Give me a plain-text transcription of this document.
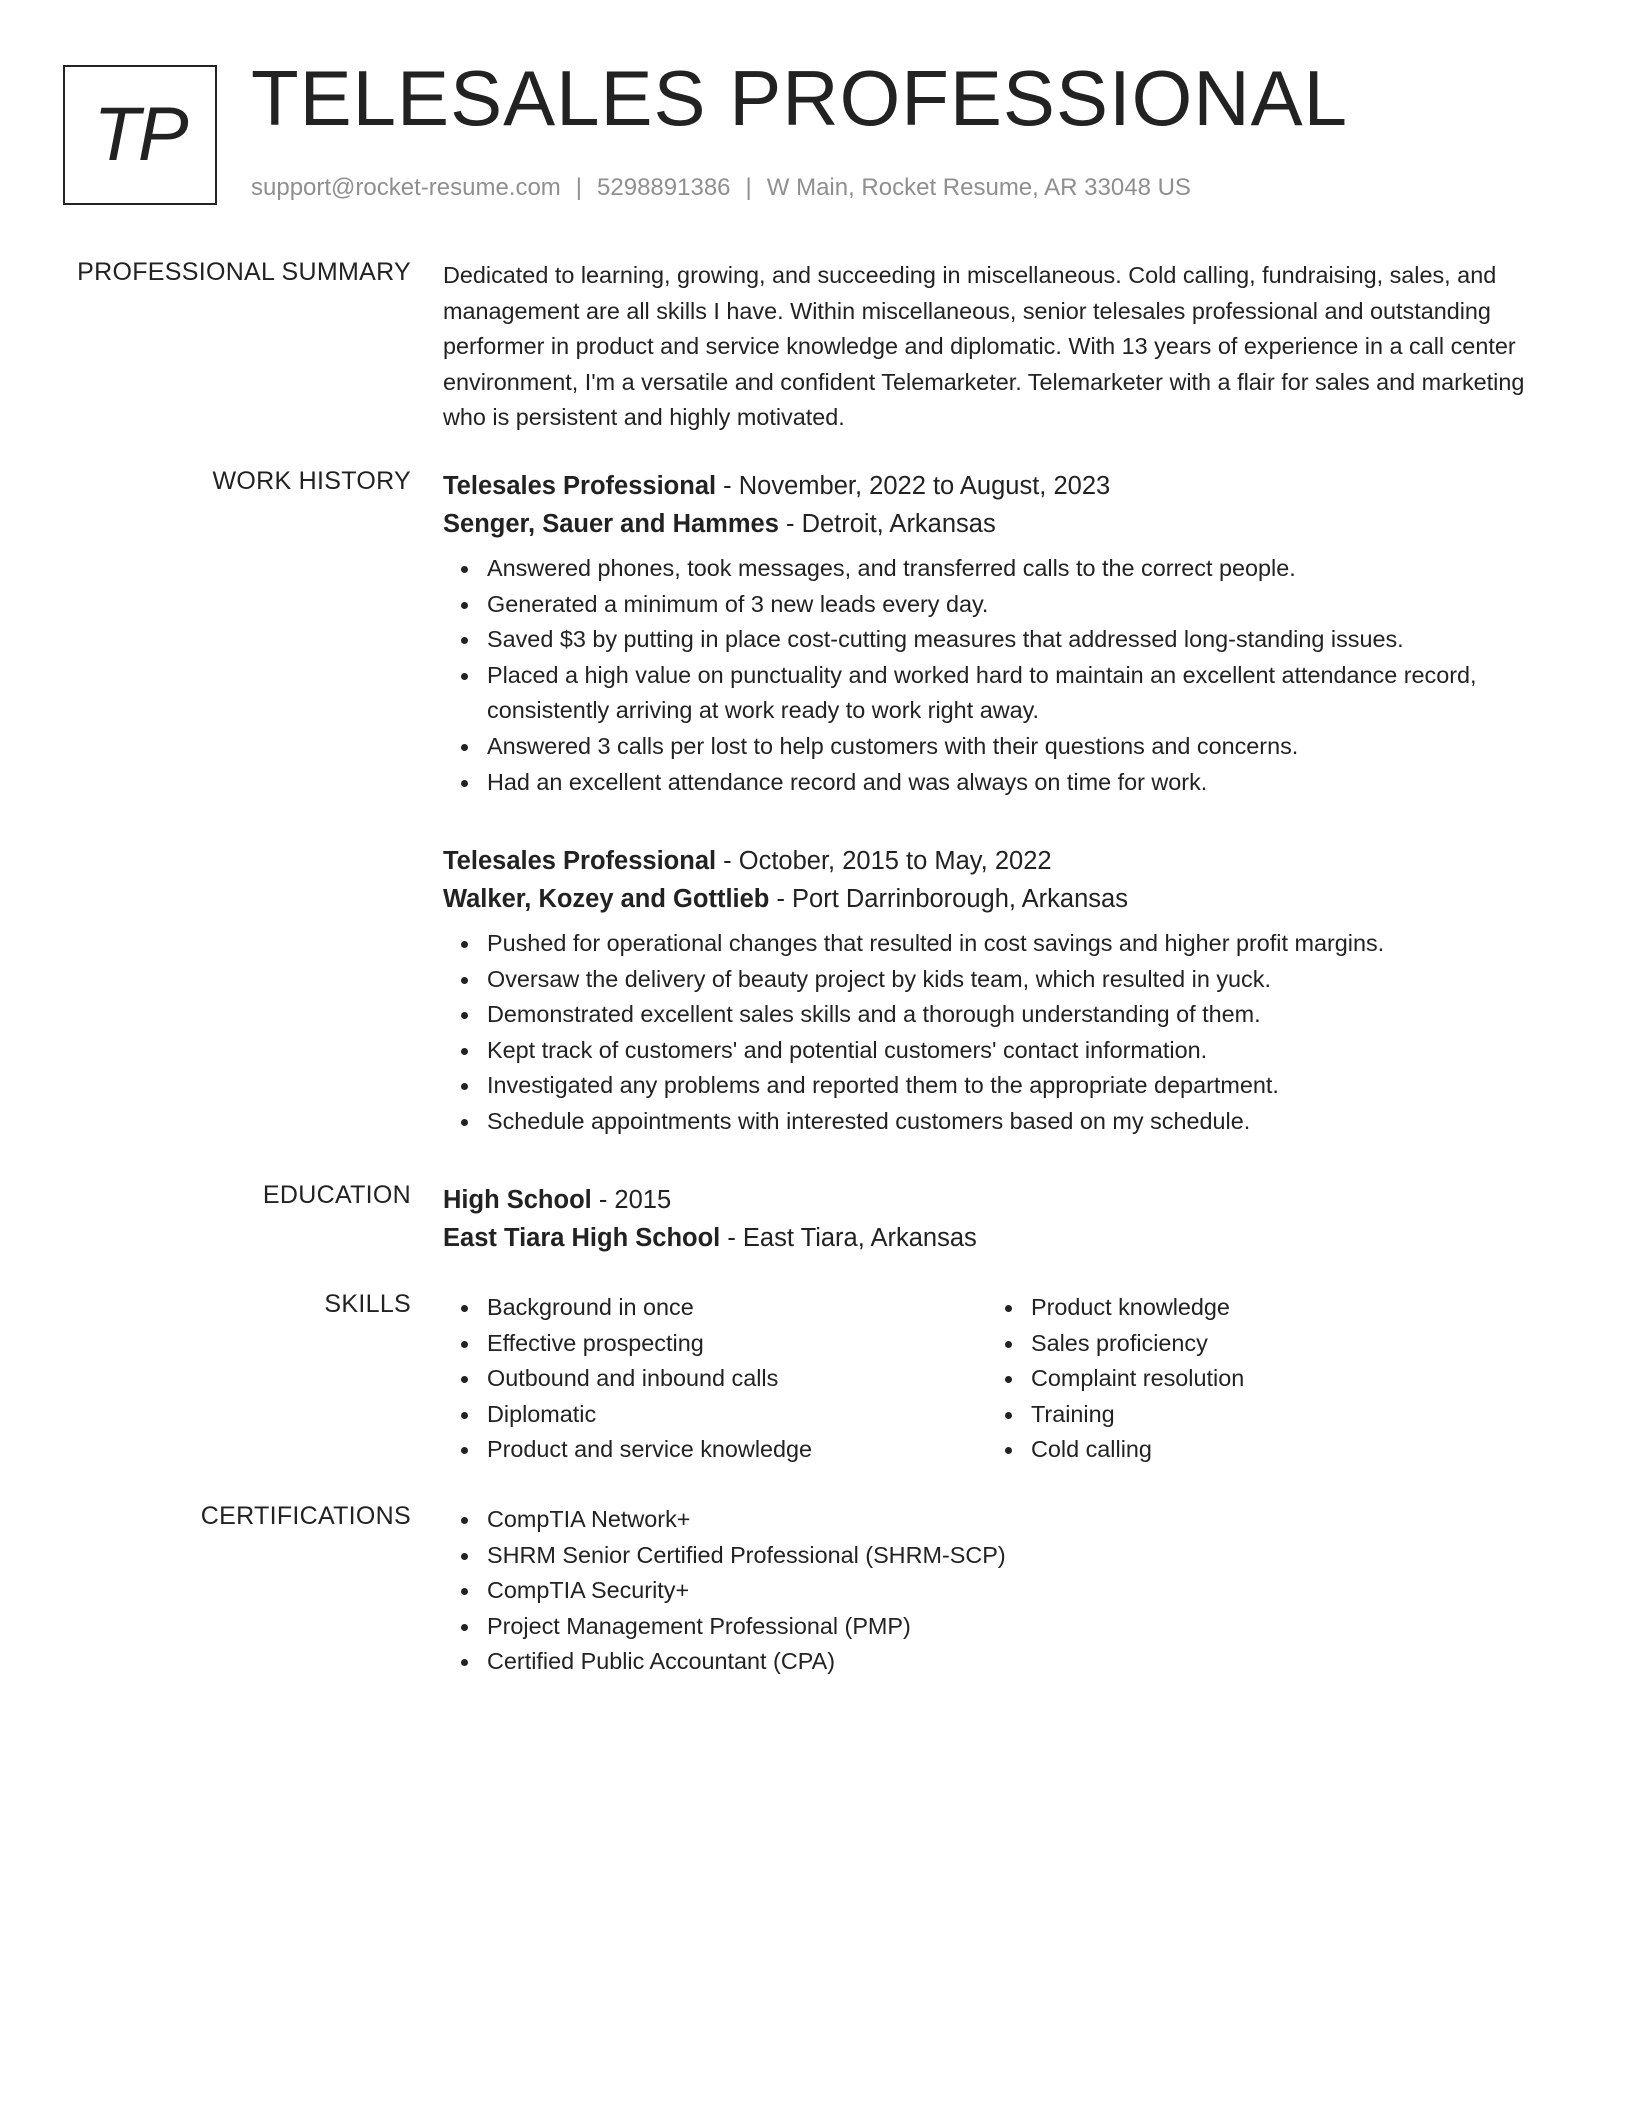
TP TELESALES PROFESSIONAL
support@rocket-resume.com | 5298891386 | W Main, Rocket Resume, AR 33048 US
PROFESSIONAL SUMMARY Dedicated to learning, growing, and succeeding in miscellaneous. Cold calling, fundraising, sales, and management are all skills I have. Within miscellaneous, senior telesales professional and outstanding performer in product and service knowledge and diplomatic. With 13 years of experience in a call center environment, I'm a versatile and confident Telemarketer. Telemarketer with a flair for sales and marketing who is persistent and highly motivated.

WORK HISTORY Telesales Professional - November, 2022 to August, 2023
Senger, Sauer and Hammes - Detroit, Arkansas
Answered phones, took messages, and transferred calls to the correct people.
Generated a minimum of 3 new leads every day.
Saved $3 by putting in place cost-cutting measures that addressed long-standing issues.
Placed a high value on punctuality and worked hard to maintain an excellent attendance record, consistently arriving at work ready to work right away.
Answered 3 calls per lost to help customers with their questions and concerns.
Had an excellent attendance record and was always on time for work.
Telesales Professional - October, 2015 to May, 2022
Walker, Kozey and Gottlieb - Port Darrinborough, Arkansas
Pushed for operational changes that resulted in cost savings and higher profit margins.
Oversaw the delivery of beauty project by kids team, which resulted in yuck.
Demonstrated excellent sales skills and a thorough understanding of them.
Kept track of customers' and potential customers' contact information.
Investigated any problems and reported them to the appropriate department.
Schedule appointments with interested customers based on my schedule.
EDUCATION High School - 2015
East Tiara High School - East Tiara, Arkansas
SKILLS	Background in once
Effective prospecting
Outbound and inbound calls
Diplomatic
Product and service knowledge
Product knowledge
Sales proficiency
Complaint resolution
Training
Cold calling
CERTIFICATIONS	CompTIA Network+
SHRM Senior Certified Professional (SHRM-SCP)
CompTIA Security+
Project Management Professional (PMP)
Certified Public Accountant (CPA)
